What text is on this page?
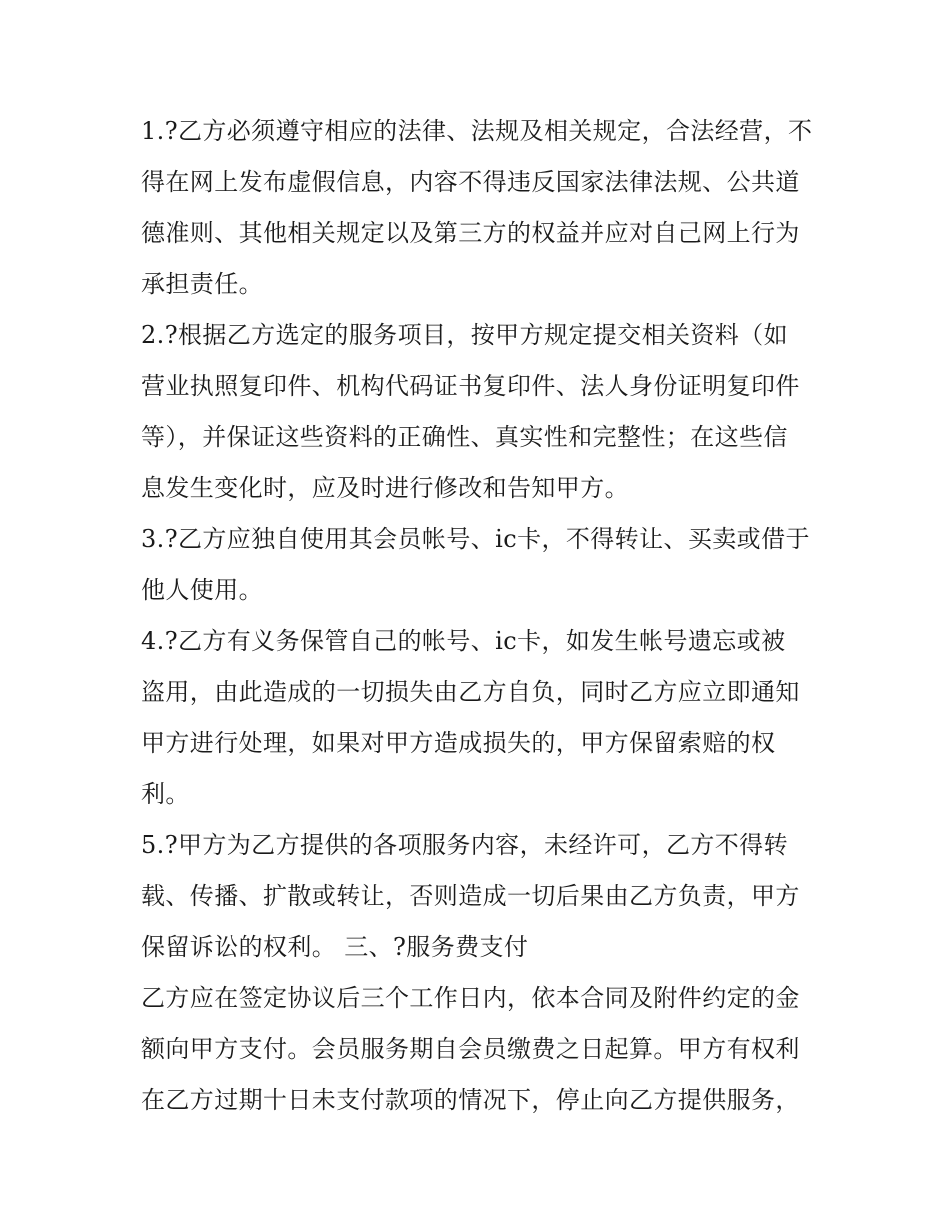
1.?乙方必须遵守相应的法律、法规及相关规定，合法经营，不
得在网上发布虚假信息，内容不得违反国家法律法规、公共道
德准则、其他相关规定以及第三方的权益并应对自己网上行为
承担责任。
2.?根据乙方选定的服务项目，按甲方规定提交相关资料（如
营业执照复印件、机构代码证书复印件、法人身份证明复印件
等），并保证这些资料的正确性、真实性和完整性；在这些信
息发生变化时，应及时进行修改和告知甲方。
3.?乙方应独自使用其会员帐号、ic卡，不得转让、买卖或借于
他人使用。
4.?乙方有义务保管自己的帐号、ic卡，如发生帐号遗忘或被
盗用，由此造成的一切损失由乙方自负，同时乙方应立即通知
甲方进行处理，如果对甲方造成损失的，甲方保留索赔的权
利。
5.?甲方为乙方提供的各项服务内容，未经许可，乙方不得转
载、传播、扩散或转让，否则造成一切后果由乙方负责，甲方
保留诉讼的权利。 三、?服务费支付
乙方应在签定协议后三个工作日内，依本合同及附件约定的金
额向甲方支付。会员服务期自会员缴费之日起算。甲方有权利
在乙方过期十日未支付款项的情况下，停止向乙方提供服务，
